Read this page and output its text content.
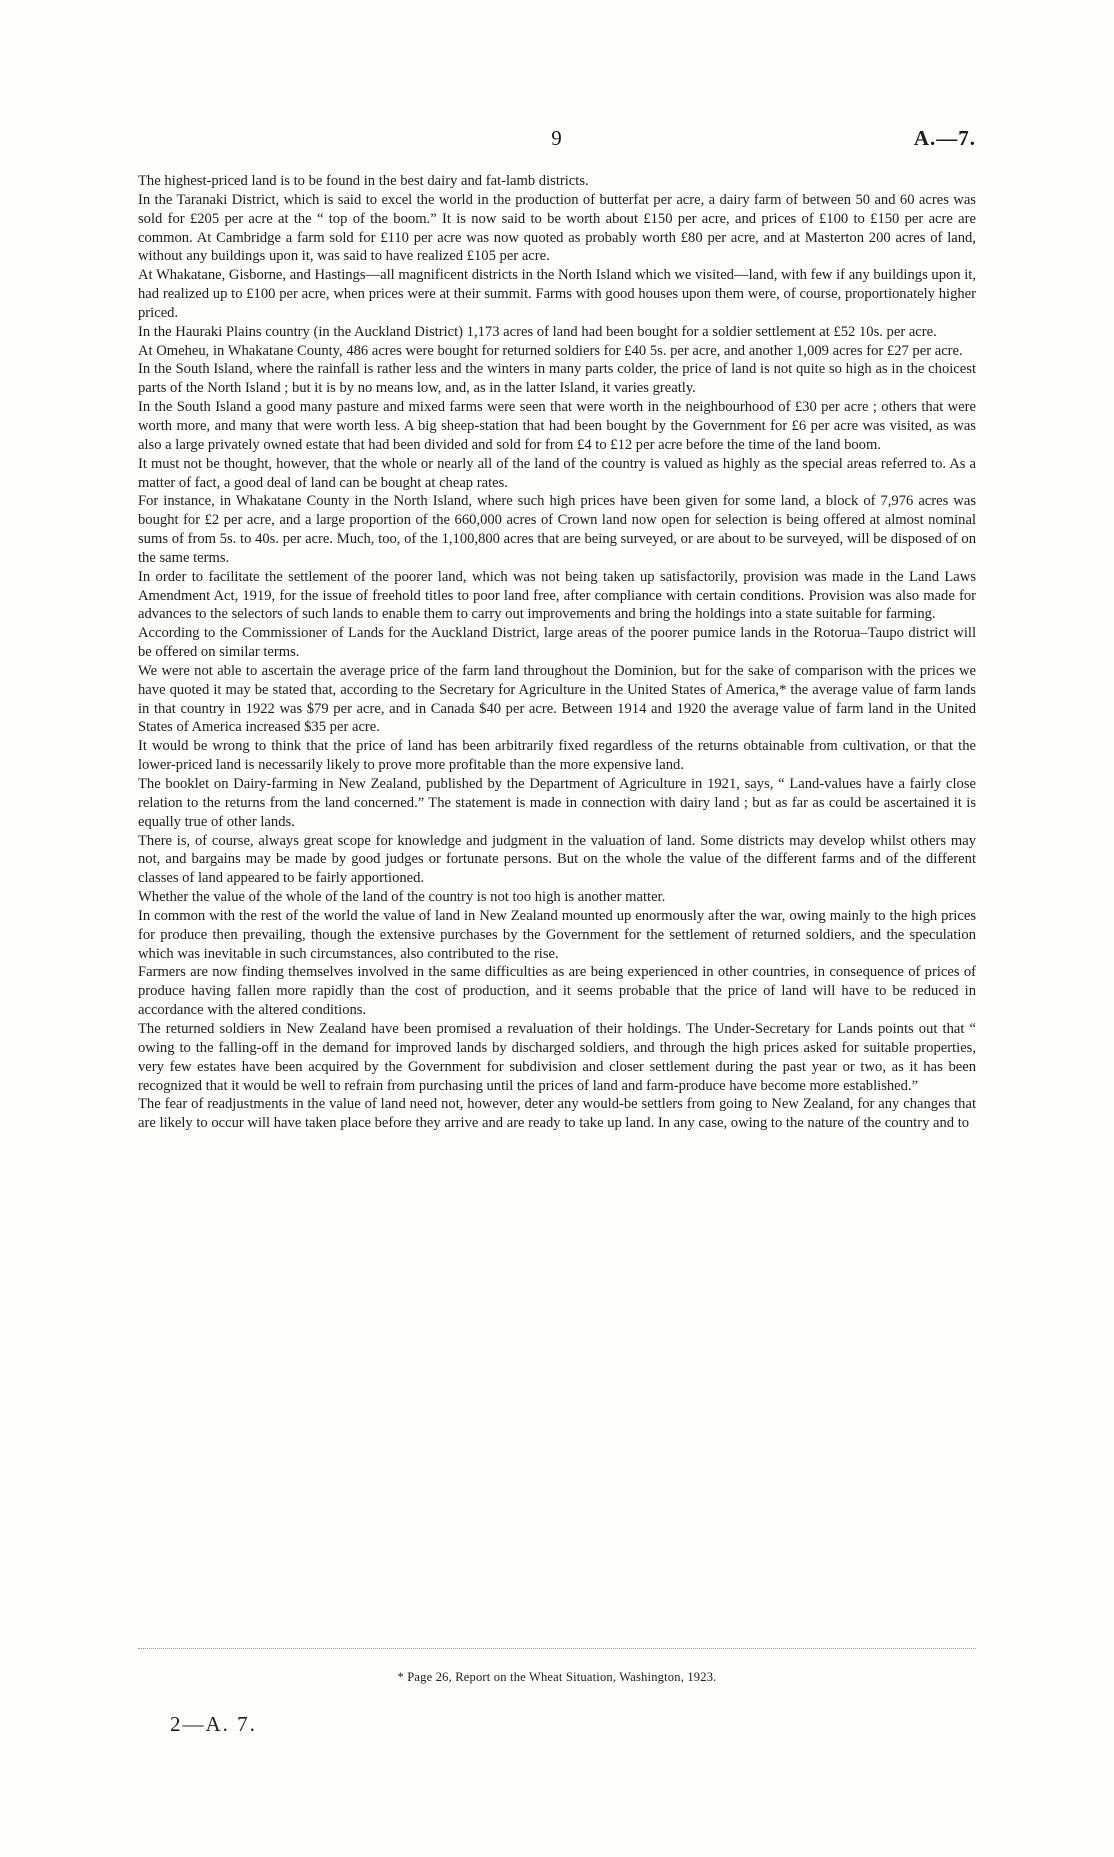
9	A.—7.

The highest-priced land is to be found in the best dairy and fat-lamb districts.

In the Taranaki District, which is said to excel the world in the production of butterfat per acre, a dairy farm of between 50 and 60 acres was sold for £205 per acre at the “ top of the boom.” It is now said to be worth about £150 per acre, and prices of £100 to £150 per acre are common. At Cambridge a farm sold for £110 per acre was now quoted as probably worth £80 per acre, and at Masterton 200 acres of land, without any buildings upon it, was said to have realized £105 per acre.

At Whakatane, Gisborne, and Hastings—all magnificent districts in the North Island which we visited—land, with few if any buildings upon it, had realized up to £100 per acre, when prices were at their summit. Farms with good houses upon them were, of course, proportionately higher priced.

In the Hauraki Plains country (in the Auckland District) 1,173 acres of land had been bought for a soldier settlement at £52 10s. per acre.

At Omeheu, in Whakatane County, 486 acres were bought for returned soldiers for £40 5s. per acre, and another 1,009 acres for £27 per acre.

In the South Island, where the rainfall is rather less and the winters in many parts colder, the price of land is not quite so high as in the choicest parts of the North Island ; but it is by no means low, and, as in the latter Island, it varies greatly.

In the South Island a good many pasture and mixed farms were seen that were worth in the neighbourhood of £30 per acre ; others that were worth more, and many that were worth less. A big sheep-station that had been bought by the Government for £6 per acre was visited, as was also a large privately owned estate that had been divided and sold for from £4 to £12 per acre before the time of the land boom.

It must not be thought, however, that the whole or nearly all of the land of the country is valued as highly as the special areas referred to. As a matter of fact, a good deal of land can be bought at cheap rates.

For instance, in Whakatane County in the North Island, where such high prices have been given for some land, a block of 7,976 acres was bought for £2 per acre, and a large proportion of the 660,000 acres of Crown land now open for selection is being offered at almost nominal sums of from 5s. to 40s. per acre. Much, too, of the 1,100,800 acres that are being surveyed, or are about to be surveyed, will be disposed of on the same terms.

In order to facilitate the settlement of the poorer land, which was not being taken up satisfactorily, provision was made in the Land Laws Amendment Act, 1919, for the issue of freehold titles to poor land free, after compliance with certain conditions. Provision was also made for advances to the selectors of such lands to enable them to carry out improvements and bring the holdings into a state suitable for farming.

According to the Commissioner of Lands for the Auckland District, large areas of the poorer pumice lands in the Rotorua–Taupo district will be offered on similar terms.

We were not able to ascertain the average price of the farm land throughout the Dominion, but for the sake of comparison with the prices we have quoted it may be stated that, according to the Secretary for Agriculture in the United States of America,* the average value of farm lands in that country in 1922 was $79 per acre, and in Canada $40 per acre. Between 1914 and 1920 the average value of farm land in the United States of America increased $35 per acre.

It would be wrong to think that the price of land has been arbitrarily fixed regardless of the returns obtainable from cultivation, or that the lower-priced land is necessarily likely to prove more profitable than the more expensive land.

The booklet on Dairy-farming in New Zealand, published by the Department of Agriculture in 1921, says, “ Land-values have a fairly close relation to the returns from the land concerned.” The statement is made in connection with dairy land ; but as far as could be ascertained it is equally true of other lands.

There is, of course, always great scope for knowledge and judgment in the valuation of land. Some districts may develop whilst others may not, and bargains may be made by good judges or fortunate persons. But on the whole the value of the different farms and of the different classes of land appeared to be fairly apportioned.

Whether the value of the whole of the land of the country is not too high is another matter.

In common with the rest of the world the value of land in New Zealand mounted up enormously after the war, owing mainly to the high prices for produce then prevailing, though the extensive purchases by the Government for the settlement of returned soldiers, and the speculation which was inevitable in such circumstances, also contributed to the rise.

Farmers are now finding themselves involved in the same difficulties as are being experienced in other countries, in consequence of prices of produce having fallen more rapidly than the cost of production, and it seems probable that the price of land will have to be reduced in accordance with the altered conditions.

The returned soldiers in New Zealand have been promised a revaluation of their holdings. The Under-Secretary for Lands points out that “ owing to the falling-off in the demand for improved lands by discharged soldiers, and through the high prices asked for suitable properties, very few estates have been acquired by the Government for subdivision and closer settlement during the past year or two, as it has been recognized that it would be well to refrain from purchasing until the prices of land and farm-produce have become more established.”

The fear of readjustments in the value of land need not, however, deter any would-be settlers from going to New Zealand, for any changes that are likely to occur will have taken place before they arrive and are ready to take up land. In any case, owing to the nature of the country and to

* Page 26, Report on the Wheat Situation, Washington, 1923.
2—A. 7.
